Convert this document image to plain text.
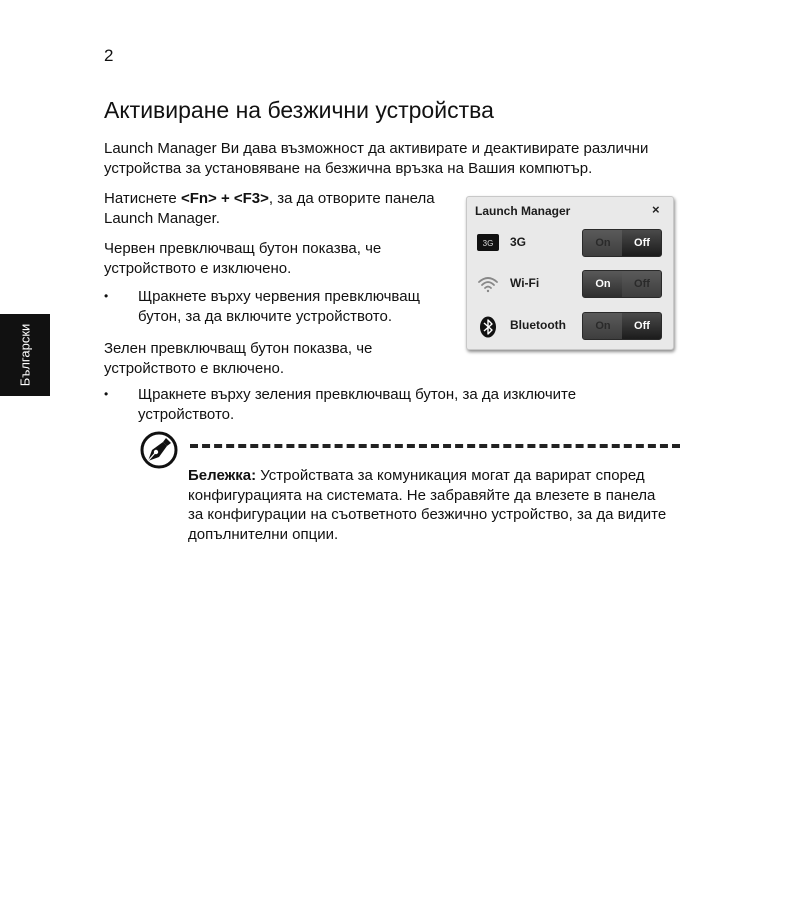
2
Български
Активиране на безжични устройства

Launch Manager Ви дава възможност да активирате и деактивирате различни устройства за установяване на безжична връзка на Вашия компютър.

Натиснете <Fn> + <F3>, за да отворите панела Launch Manager.

Червен превключващ бутон показва, че устройството е изключено.

• Щракнете върху червения превключващ бутон, за да включите устройството.

Зелен превключващ бутон показва, че устройството е включено.

• Щракнете върху зеления превключващ бутон, за да изключите устройството.
Launch Manager	×
3G 3G	On	Off
Wi-Fi	On	Off
Bluetooth	On	Off

Бележка: Устройствата за комуникация могат да варират според конфигурацията на системата. Не забравяйте да влезете в панела за конфигурации на съответното безжично устройство, за да видите допълнителни опции.
